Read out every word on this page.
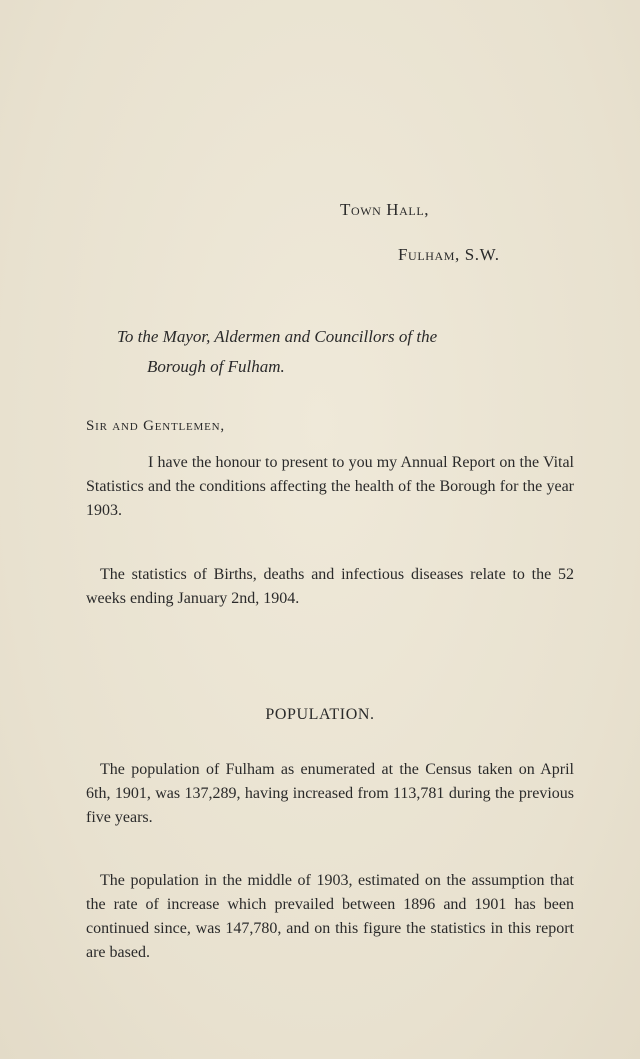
Town Hall,
Fulham, S.W.
To the Mayor, Aldermen and Councillors of the
Borough of Fulham.
Sir and Gentlemen,
I have the honour to present to you my Annual Report on the Vital Statistics and the conditions affecting the health of the Borough for the year 1903.
The statistics of Births, deaths and infectious diseases relate to the 52 weeks ending January 2nd, 1904.
POPULATION.
The population of Fulham as enumerated at the Census taken on April 6th, 1901, was 137,289, having increased from 113,781 during the previous five years.
The population in the middle of 1903, estimated on the assumption that the rate of increase which prevailed between 1896 and 1901 has been continued since, was 147,780, and on this figure the statistics in this report are based.
